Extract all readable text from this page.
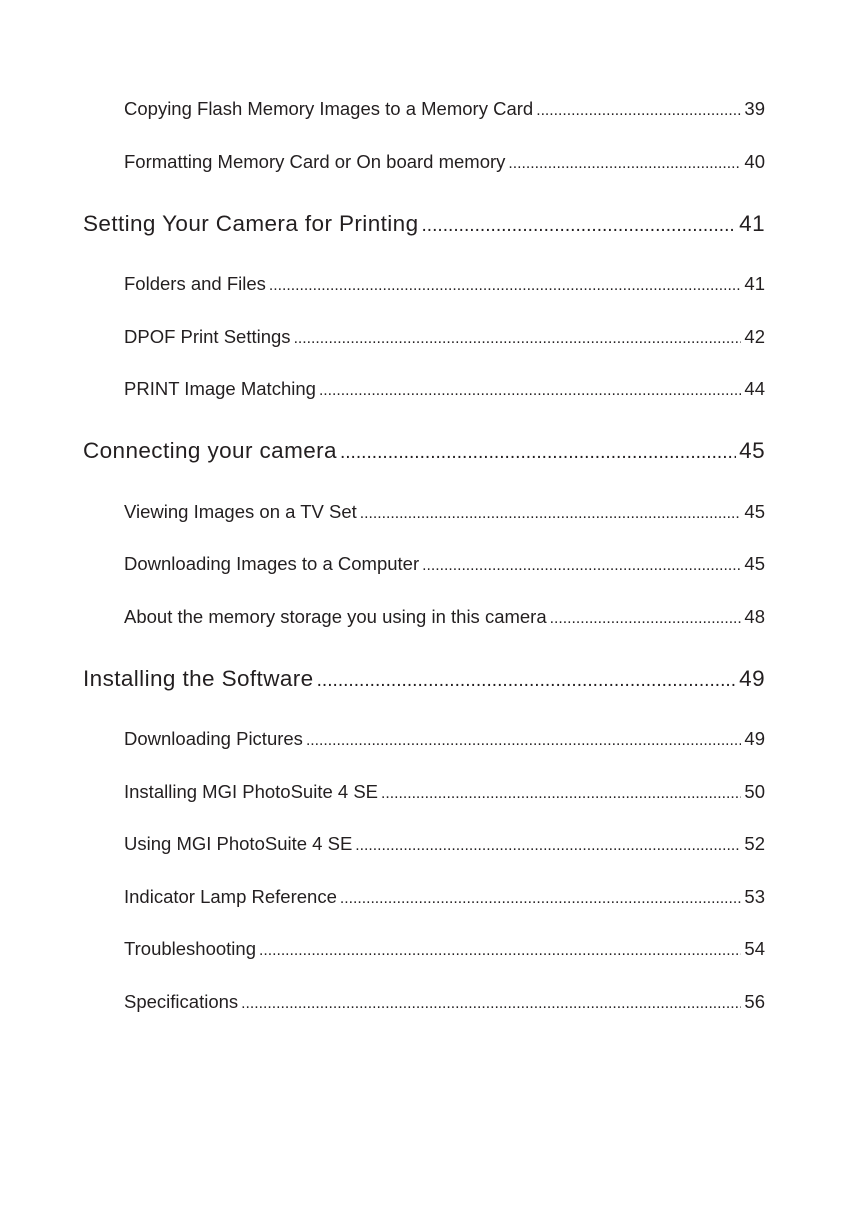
Copying Flash Memory Images to a Memory Card .....	39
Formatting Memory Card or On board memory .....	40
Setting Your Camera for Printing .....	41
Folders and Files .....	41
DPOF Print Settings .....	42
PRINT Image Matching .....	44
Connecting your camera .....	45
Viewing Images on a TV Set .....	45
Downloading Images to a Computer .....	45
About the memory storage you using in this camera .....	48
Installing the Software .....	49
Downloading Pictures .....	49
Installing MGI PhotoSuite 4 SE .....	50
Using MGI PhotoSuite 4 SE .....	52
Indicator Lamp Reference .....	53
Troubleshooting .....	54
Specifications .....	56
